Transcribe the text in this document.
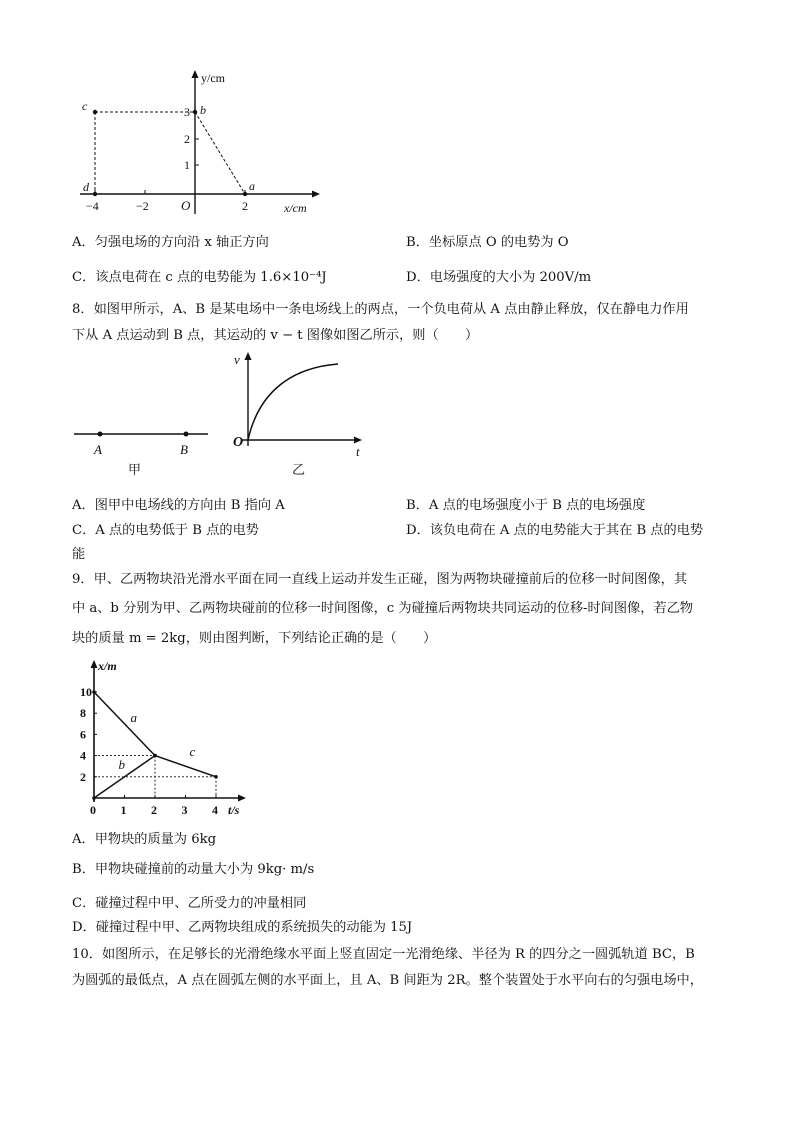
y/cm
x/cm
O
−4	−2	2
3
2
1
c	b
d	a
A．匀强电场的方向沿 x 轴正方向	B．坐标原点 O 的电势为 O
C．该点电荷在 c 点的电势能为 1.6×10⁻⁴J	D．电场强度的大小为 200V/m
8．如图甲所示，A、B 是某电场中一条电场线上的两点，一个负电荷从 A 点由静止释放，仅在静电力作用
下从 A 点运动到 B 点，其运动的 v − t 图像如图乙所示，则（　　）
A	B
甲
v
t
O
乙
A．图甲中电场线的方向由 B 指向 A	B．A 点的电场强度小于 B 点的电场强度
C．A 点的电势低于 B 点的电势	D．该负电荷在 A 点的电势能大于其在 B 点的电势
能
9．甲、乙两物块沿光滑水平面在同一直线上运动并发生正碰，图为两物块碰撞前后的位移一时间图像，其
中 a、b 分别为甲、乙两物块碰前的位移一时间图像，c 为碰撞后两物块共同运动的位移-时间图像，若乙物
块的质量 m = 2kg，则由图判断，下列结论正确的是（　　）
x/m
t/s
2
4
6
8
10
0 1 2 3 4
a
b
c
A．甲物块的质量为 6kg
B．甲物块碰撞前的动量大小为 9kg· m/s
C．碰撞过程中甲、乙所受力的冲量相同
D．碰撞过程中甲、乙两物块组成的系统损失的动能为 15J
10．如图所示，在足够长的光滑绝缘水平面上竖直固定一光滑绝缘、半径为 R 的四分之一圆弧轨道 BC，B
为圆弧的最低点，A 点在圆弧左侧的水平面上，且 A、B 间距为 2R。整个装置处于水平向右的匀强电场中，
